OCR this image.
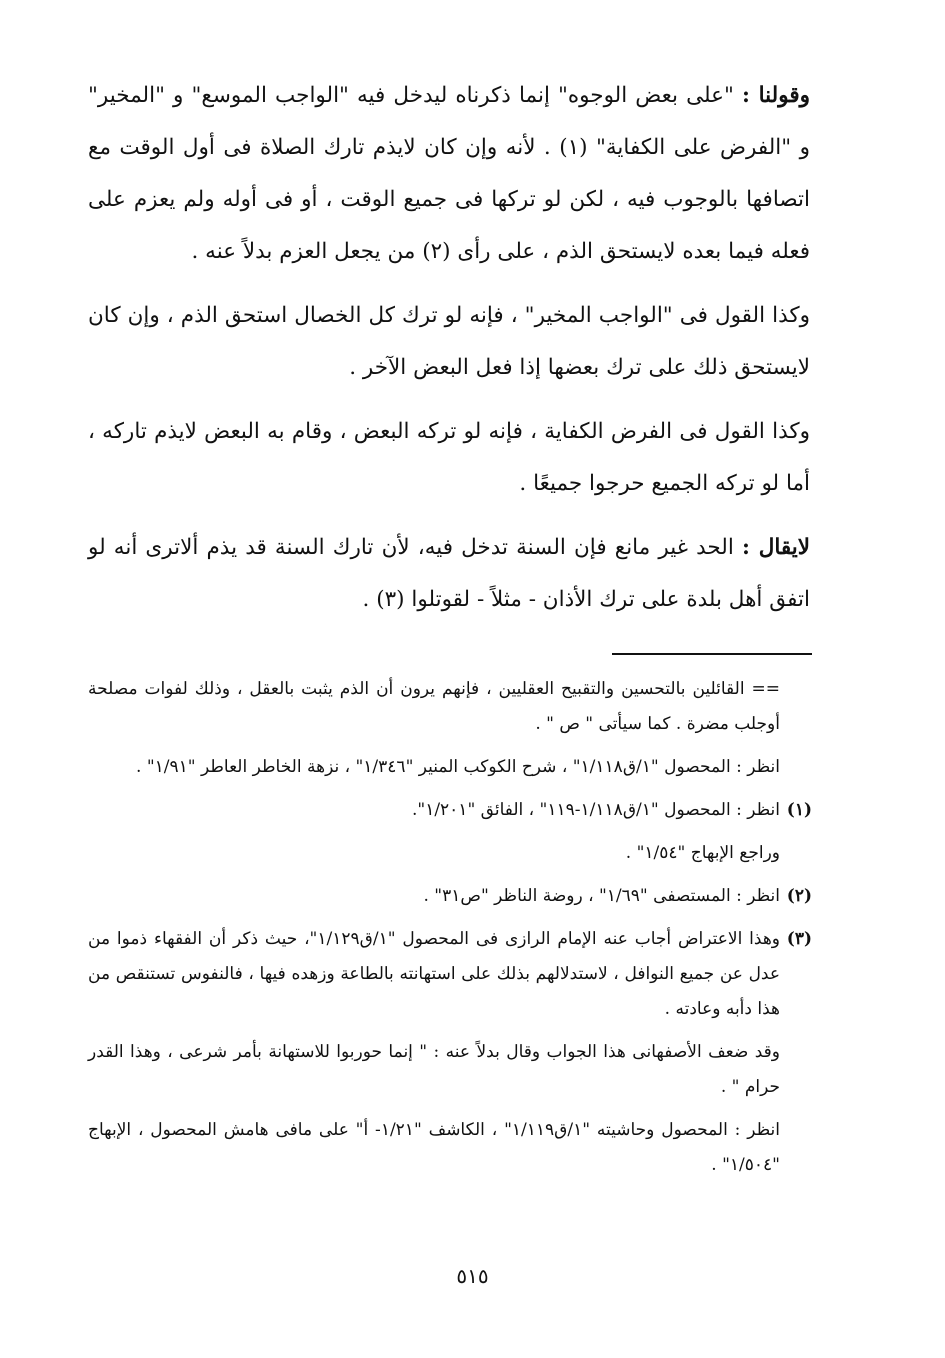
وقولنا : "على بعض الوجوه" إنما ذكرناه ليدخل فيه "الواجب الموسع" و "المخير" و "الفرض على الكفاية" (١) . لأنه وإن كان لايذم تارك الصلاة فى أول الوقت مع اتصافها بالوجوب فيه ، لكن لو تركها فى جميع الوقت ، أو فى أوله ولم يعزم على فعله فيما بعده لايستحق الذم ، على رأى (٢) من يجعل العزم بدلاً عنه .

وكذا القول فى "الواجب المخير" ، فإنه لو ترك كل الخصال استحق الذم ، وإن كان لايستحق ذلك على ترك بعضها إذا فعل البعض الآخر .

وكذا القول فى الفرض الكفاية ، فإنه لو تركه البعض ، وقام به البعض لايذم تاركه ، أما لو تركه الجميع حرجوا جميعًا .

لايقال : الحد غير مانع فإن السنة تدخل فيه، لأن تارك السنة قد يذم ألاترى أنه لو اتفق أهل بلدة على ترك الأذان - مثلاً - لقوتلوا (٣) .

== القائلين بالتحسين والتقبيح العقليين ، فإنهم يرون أن الذم يثبت بالعقل ، وذلك لفوات مصلحة أوجلب مضرة . كما سيأتى " ص " .

انظر : المحصول "١/ق١/١١٨" ، شرح الكوكب المنير "١/٣٤٦" ، نزهة الخاطر العاطر "١/٩١" .

(١)انظر : المحصول "١/ق١/١١٨-١١٩" ، الفائق "١/٢٠١".

وراجع الإبهاج "١/٥٤" .

(٢)انظر : المستصفى "١/٦٩" ، روضة الناظر "ص٣١" .

(٣)وهذا الاعتراض أجاب عنه الإمام الرازى فى المحصول "١/ق١/١٢٩"، حيث ذكر أن الفقهاء ذموا من عدل عن جميع النوافل ، لاستدلالهم بذلك على استهانته بالطاعة وزهده فيها ، فالنفوس تستنقص من هذا دأبه وعادته .

وقد ضعف الأصفهانى هذا الجواب وقال بدلاً عنه : " إنما حوربوا للاستهانة بأمر شرعى ، وهذا القدر حرام " .

انظر : المحصول وحاشيته "١/ق١/١١٩" ، الكاشف "١/٢١- أ" على مافى هامش المحصول ، الإبهاج "١/٥٠٤" .

٥١٥
